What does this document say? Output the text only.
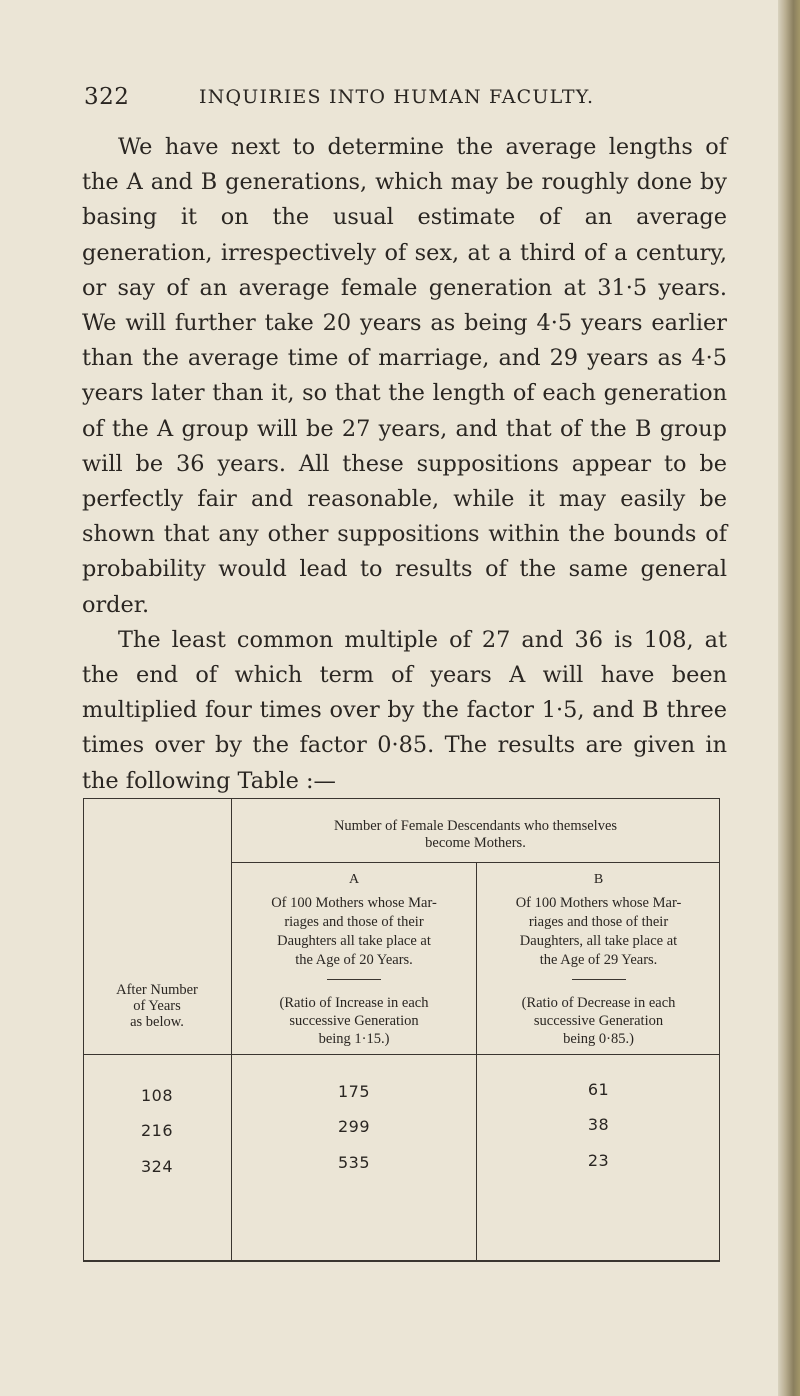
322	INQUIRIES INTO HUMAN FACULTY.

We have next to determine the average lengths of the A and B generations, which may be roughly done by basing it on the usual estimate of an average generation, irrespectively of sex, at a third of a century, or say of an average female generation at 31·5 years. We will further take 20 years as being 4·5 years earlier than the average time of marriage, and 29 years as 4·5 years later than it, so that the length of each generation of the A group will be 27 years, and that of the B group will be 36 years. All these suppositions appear to be perfectly fair and reasonable, while it may easily be shown that any other suppositions within the bounds of probability would lead to results of the same general order.

The least common multiple of 27 and 36 is 108, at the end of which term of years A will have been multiplied four times over by the factor 1·5, and B three times over by the factor 0·85. The results are given in the following Table :—

Number of Female Descendants who themselves
become Mothers.
After Number
of Years
as below.
A
Of 100 Mothers whose Mar-
riages and those of their
Daughters all take place at
the Age of 20 Years.
(Ratio of Increase in each
successive Generation
being 1·15.)
B
Of 100 Mothers whose Mar-
riages and those of their
Daughters, all take place at
the Age of 29 Years.
(Ratio of Decrease in each
successive Generation
being 0·85.)
108	175	61
216	299	38
324	535	23
